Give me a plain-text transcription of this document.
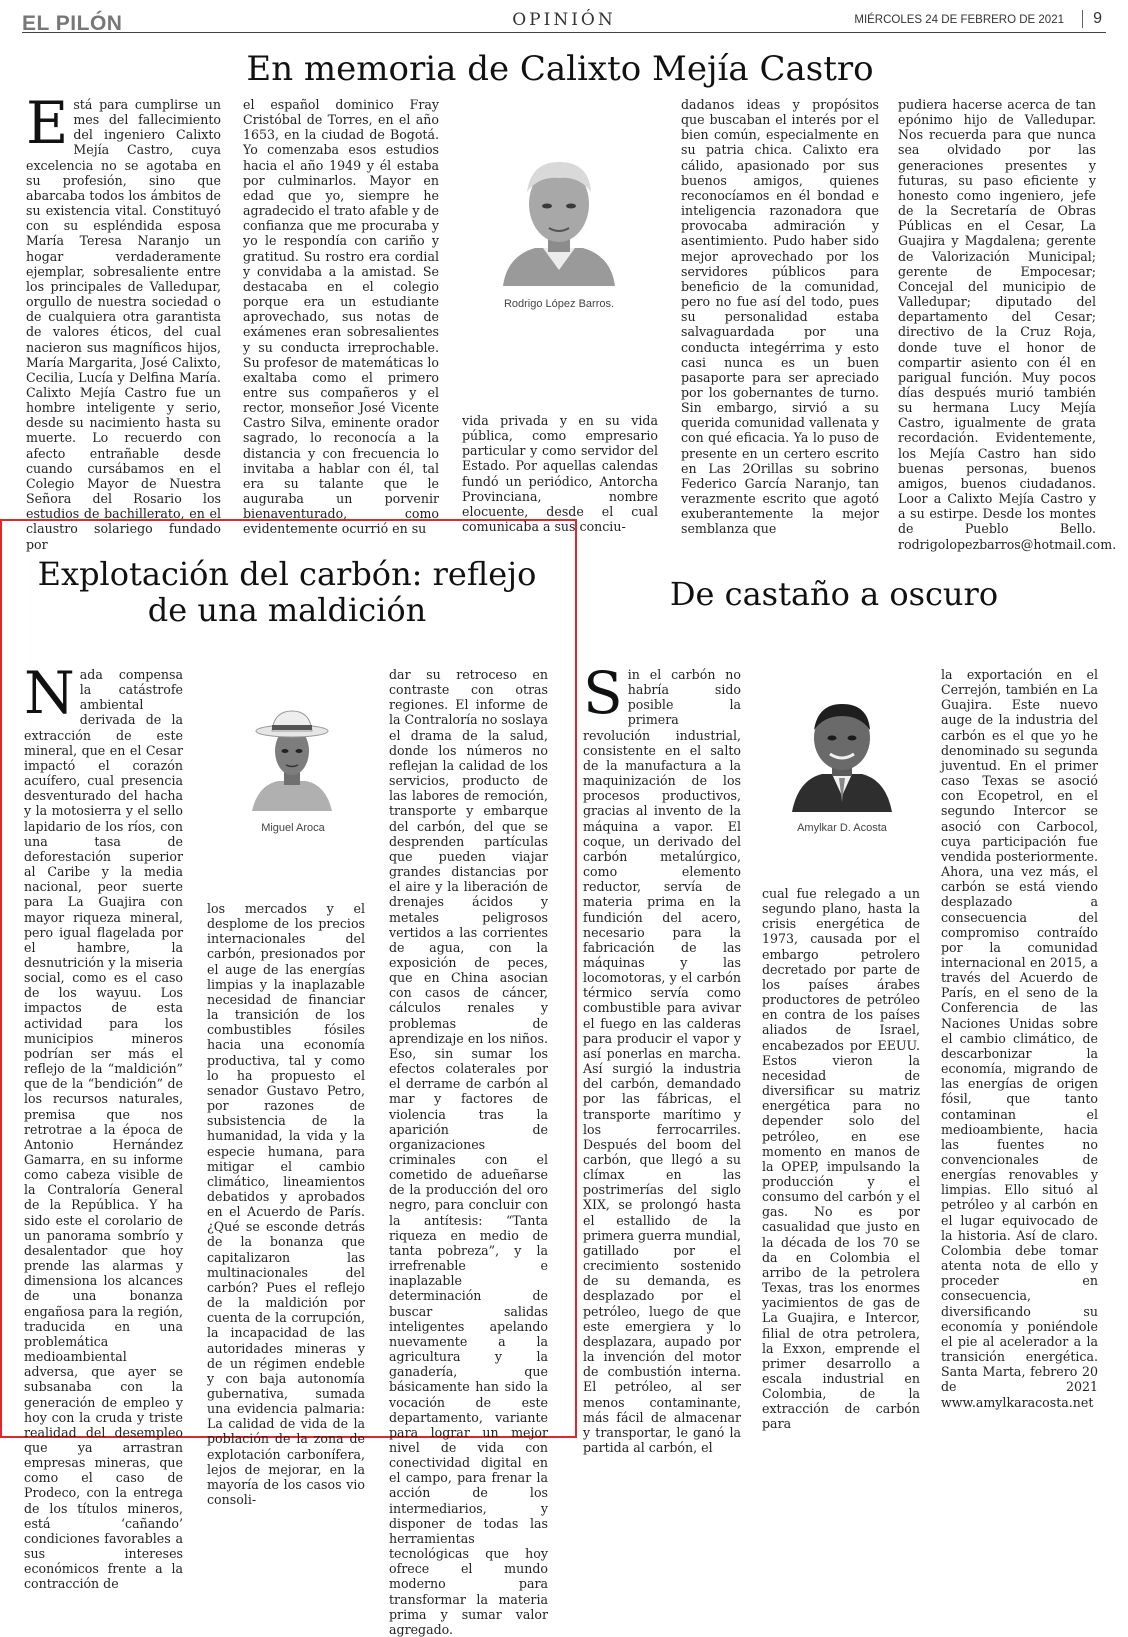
EL PILÓN	OPINIÓN	MIÉRCOLES 24 DE FEBRERO DE 2021	9
En memoria de Calixto Mejía Castro
Está para cumplirse un mes del fallecimiento del ingeniero Calixto Mejía Castro, cuya excelencia no se agotaba en su profesión, sino que abarcaba todos los ámbitos de su existencia vital. Constituyó con su espléndida esposa María Teresa Naranjo un hogar verdaderamente ejemplar, sobresaliente entre los principales de Valledupar, orgullo de nuestra sociedad o de cualquiera otra garantista de valores éticos, del cual nacieron sus magníficos hijos, María Margarita, José Calixto, Cecilia, Lucía y Delfina María. Calixto Mejía Castro fue un hombre inteligente y serio, desde su nacimiento hasta su muerte. Lo recuerdo con afecto entrañable desde cuando cursábamos en el Colegio Mayor de Nuestra Señora del Rosario los estudios de bachillerato, en el claustro solariego fundado por
el español dominico Fray Cristóbal de Torres, en el año 1653, en la ciudad de Bogotá. Yo comenzaba esos estudios hacia el año 1949 y él estaba por culminarlos. Mayor en edad que yo, siempre he agradecido el trato afable y de confianza que me procuraba y yo le respondía con cariño y gratitud. Su rostro era cordial y convidaba a la amistad. Se destacaba en el colegio porque era un estudiante aprovechado, sus notas de exámenes eran sobresalientes y su conducta irreprochable. Su profesor de matemáticas lo exaltaba como el primero entre sus compañeros y el rector, monseñor José Vicente Castro Silva, eminente orador sagrado, lo reconocía a la distancia y con frecuencia lo invitaba a hablar con él, tal era su talante que le auguraba un porvenir bienaventurado, como evidentemente ocurrió en su
Rodrigo López Barros.
vida privada y en su vida pública, como empresario particular y como servidor del Estado. Por aquellas calendas fundó un periódico, Antorcha Provinciana, nombre elocuente, desde el cual comunicaba a sus conciu-
dadanos ideas y propósitos que buscaban el interés por el bien común, especialmente en su patria chica. Calixto era cálido, apasionado por sus buenos amigos, quienes reconocíamos en él bondad e inteligencia razonadora que provocaba admiración y asentimiento. Pudo haber sido mejor aprovechado por los servidores públicos para beneficio de la comunidad, pero no fue así del todo, pues su personalidad estaba salvaguardada por una conducta integérrima y esto casi nunca es un buen pasaporte para ser apreciado por los gobernantes de turno. Sin embargo, sirvió a su querida comunidad vallenata y con qué eficacia. Ya lo puso de presente en un certero escrito en Las 2Orillas su sobrino Federico García Naranjo, tan verazmente escrito que agotó exuberantemente la mejor semblanza que
pudiera hacerse acerca de tan epónimo hijo de Valledupar. Nos recuerda para que nunca sea olvidado por las generaciones presentes y futuras, su paso eficiente y honesto como ingeniero, jefe de la Secretaría de Obras Públicas en el Cesar, La Guajira y Magdalena; gerente de Valorización Municipal; gerente de Empocesar; Concejal del municipio de Valledupar; diputado del departamento del Cesar; directivo de la Cruz Roja, donde tuve el honor de compartir asiento con él en parigual función. Muy pocos días después murió también su hermana Lucy Mejía Castro, igualmente de grata recordación. Evidentemente, los Mejía Castro han sido buenas personas, buenos amigos, buenos ciudadanos. Loor a Calixto Mejía Castro y a su estirpe. Desde los montes de Pueblo Bello. rodrigolopezbarros@hotmail.com.
Explotación del carbón: reflejo
de una maldición
Nada compensa la catástrofe ambiental derivada de la extracción de este mineral, que en el Cesar impactó el corazón acuífero, cual presencia desventurado del hacha y la motosierra y el sello lapidario de los ríos, con una tasa de deforestación superior al Caribe y la media nacional, peor suerte para La Guajira con mayor riqueza mineral, pero igual flagelada por el hambre, la desnutrición y la miseria social, como es el caso de los wayuu. Los impactos de esta actividad para los municipios mineros podrían ser más el reflejo de la “maldición” que de la “bendición” de los recursos naturales, premisa que nos retrotrae a la época de Antonio Hernández Gamarra, en su informe como cabeza visible de la Contraloría General de la República. Y ha sido este el corolario de un panorama sombrío y desalentador que hoy prende las alarmas y dimensiona los alcances de una bonanza engañosa para la región, traducida en una problemática medioambiental adversa, que ayer se subsanaba con la generación de empleo y hoy con la cruda y triste realidad del desempleo que ya arrastran empresas mineras, que como el caso de Prodeco, con la entrega de los títulos mineros, está ‘cañando’ condiciones favorables a sus intereses económicos frente a la contracción de
Miguel Aroca
los mercados y el desplome de los precios internacionales del carbón, presionados por el auge de las energías limpias y la inaplazable necesidad de financiar la transición de los combustibles fósiles hacia una economía productiva, tal y como lo ha propuesto el senador Gustavo Petro, por razones de subsistencia de la humanidad, la vida y la especie humana, para mitigar el cambio climático, lineamientos debatidos y aprobados en el Acuerdo de París. ¿Qué se esconde detrás de la bonanza que capitalizaron las multinacionales del carbón? Pues el reflejo de la maldición por cuenta de la corrupción, la incapacidad de las autoridades mineras y de un régimen endeble y con baja autonomía gubernativa, sumada una evidencia palmaria: La calidad de vida de la población de la zona de explotación carbonífera, lejos de mejorar, en la mayoría de los casos vio consoli-
dar su retroceso en contraste con otras regiones. El informe de la Contraloría no soslaya el drama de la salud, donde los números no reflejan la calidad de los servicios, producto de las labores de remoción, transporte y embarque del carbón, del que se desprenden partículas que pueden viajar grandes distancias por el aire y la liberación de drenajes ácidos y metales peligrosos vertidos a las corrientes de agua, con la exposición de peces, que en China asocian con casos de cáncer, cálculos renales y problemas de aprendizaje en los niños. Eso, sin sumar los efectos colaterales por el derrame de carbón al mar y factores de violencia tras la aparición de organizaciones criminales con el cometido de adueñarse de la producción del oro negro, para concluir con la antítesis: “Tanta riqueza en medio de tanta pobreza”, y la irrefrenable e inaplazable determinación de buscar salidas inteligentes apelando nuevamente a la agricultura y la ganadería, que básicamente han sido la vocación de este departamento, variante para lograr un mejor nivel de vida con conectividad digital en el campo, para frenar la acción de los intermediarios, y disponer de todas las herramientas tecnológicas que hoy ofrece el mundo moderno para transformar la materia prima y sumar valor agregado.
De castaño a oscuro
Sin el carbón no habría sido posible la primera revolución industrial, consistente en el salto de la manufactura a la maquinización de los procesos productivos, gracias al invento de la máquina a vapor. El coque, un derivado del carbón metalúrgico, como elemento reductor, servía de materia prima en la fundición del acero, necesario para la fabricación de las máquinas y las locomotoras, y el carbón térmico servía como combustible para avivar el fuego en las calderas para producir el vapor y así ponerlas en marcha. Así surgió la industria del carbón, demandado por las fábricas, el transporte marítimo y los ferrocarriles. Después del boom del carbón, que llegó a su clímax en las postrimerías del siglo XIX, se prolongó hasta el estallido de la primera guerra mundial, gatillado por el crecimiento sostenido de su demanda, es desplazado por el petróleo, luego de que este emergiera y lo desplazara, aupado por la invención del motor de combustión interna. El petróleo, al ser menos contaminante, más fácil de almacenar y transportar, le ganó la partida al carbón, el
Amylkar D. Acosta
cual fue relegado a un segundo plano, hasta la crisis energética de 1973, causada por el embargo petrolero decretado por parte de los países árabes productores de petróleo en contra de los países aliados de Israel, encabezados por EEUU. Estos vieron la necesidad de diversificar su matriz energética para no depender solo del petróleo, en ese momento en manos de la OPEP, impulsando la producción y el consumo del carbón y el gas. No es por casualidad que justo en la década de los 70 se da en Colombia el arribo de la petrolera Texas, tras los enormes yacimientos de gas de La Guajira, e Intercor, filial de otra petrolera, la Exxon, emprende el primer desarrollo a escala industrial en Colombia, de la extracción de carbón para
la exportación en el Cerrejón, también en La Guajira. Este nuevo auge de la industria del carbón es el que yo he denominado su segunda juventud. En el primer caso Texas se asoció con Ecopetrol, en el segundo Intercor se asoció con Carbocol, cuya participación fue vendida posteriormente. Ahora, una vez más, el carbón se está viendo desplazado a consecuencia del compromiso contraído por la comunidad internacional en 2015, a través del Acuerdo de París, en el seno de la Conferencia de las Naciones Unidas sobre el cambio climático, de descarbonizar la economía, migrando de las energías de origen fósil, que tanto contaminan el medioambiente, hacia las fuentes no convencionales de energías renovables y limpias. Ello situó al petróleo y al carbón en el lugar equivocado de la historia. Así de claro. Colombia debe tomar atenta nota de ello y proceder en consecuencia, diversificando su economía y poniéndole el pie al acelerador a la transición energética. Santa Marta, febrero 20 de 2021 www.amylkaracosta.net
